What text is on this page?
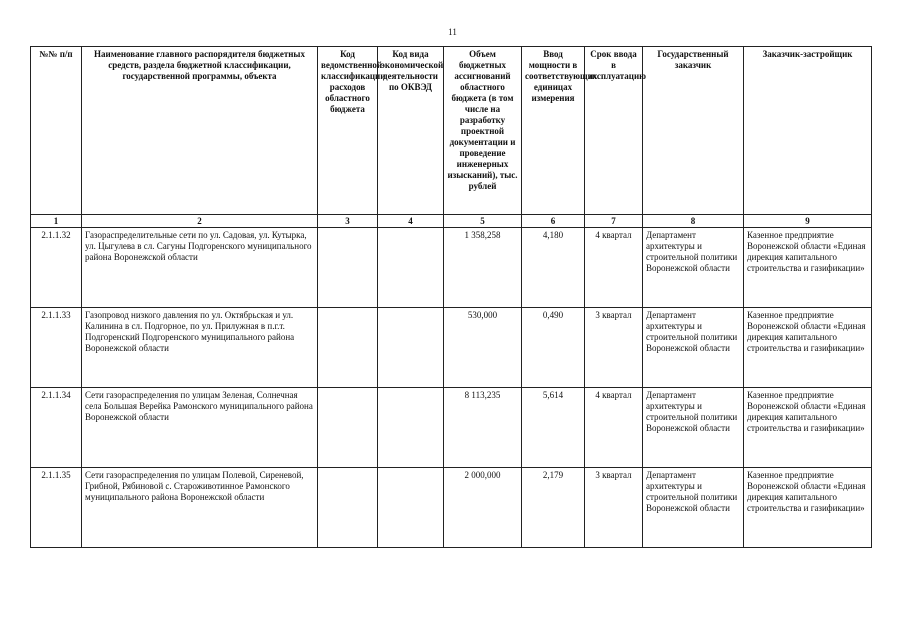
11
№№ п/п	Наименование главного распорядителя бюджетных средств, раздела бюджетной классификации, государственной программы, объекта	Код ведомственной классификации расходов областного бюджета	Код вида экономической деятельности по ОКВЭД	Объем бюджетных ассигнований областного бюджета (в том числе на разработку проектной документации и проведение инженерных изысканий), тыс. рублей	Ввод мощности в соответствующих единицах измерения	Срок ввода в эксплуатацию	Государственный заказчик	Заказчик-застройщик
1	2	3	4	5	6	7	8	9
2.1.1.32	Газораспределительные сети по ул. Садовая, ул. Кутырка, ул. Цыгулева в сл. Сагуны Подгоренского муниципального района Воронежской области			1 358,258	4,180	4 квартал	Департамент архитектуры и строительной политики Воронежской области	Казенное предприятие Воронежской области «Единая дирекция капитального строительства и газификации»
2.1.1.33	Газопровод низкого давления по ул. Октябрьская и ул. Калинина в сл. Подгорное, по ул. Прилужная в п.г.т. Подгоренский Подгоренского муниципального района Воронежской области			530,000	0,490	3 квартал	Департамент архитектуры и строительной политики Воронежской области	Казенное предприятие Воронежской области «Единая дирекция капитального строительства и газификации»
2.1.1.34	Сети газораспределения по улицам Зеленая, Солнечная села Большая Верейка Рамонского муниципального района Воронежской области			8 113,235	5,614	4 квартал	Департамент архитектуры и строительной политики Воронежской области	Казенное предприятие Воронежской области «Единая дирекция капитального строительства и газификации»
2.1.1.35	Сети газораспределения по улицам Полевой, Сиреневой, Грибной, Рябиновой с. Староживотинное Рамонского муниципального района Воронежской области			2 000,000	2,179	3 квартал	Департамент архитектуры и строительной политики Воронежской области	Казенное предприятие Воронежской области «Единая дирекция капитального строительства и газификации»
